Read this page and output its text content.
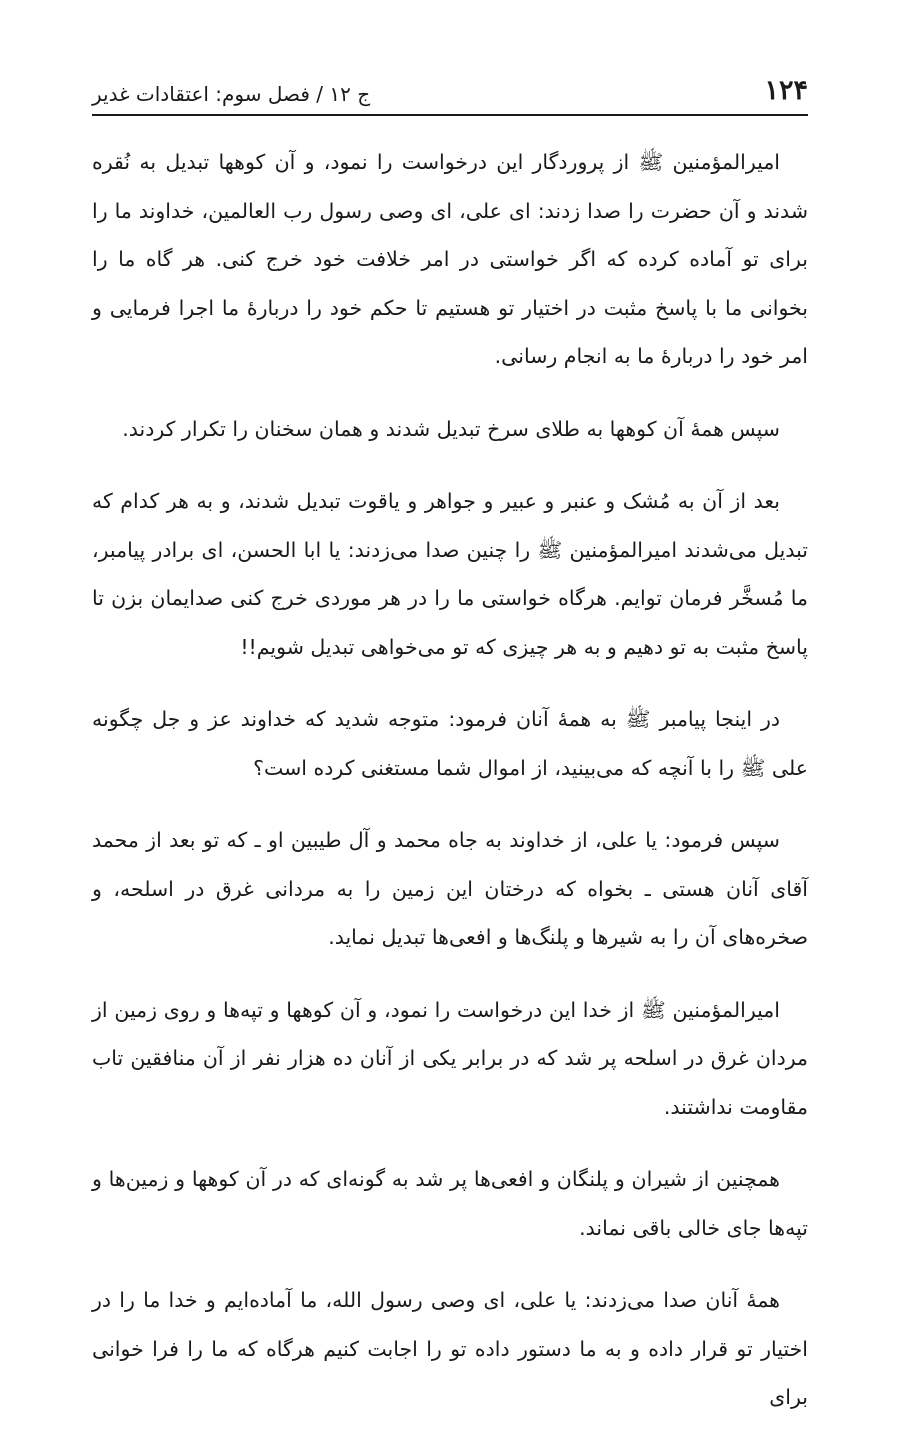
۱۲۴
ج ۱۲ / فصل سوم: اعتقادات غدیر

امیرالمؤمنین ﷺ از پروردگار این درخواست را نمود، و آن کوهها تبدیل به نُقره شدند و آن حضرت را صدا زدند: ای علی، ای وصی رسول رب العالمین، خداوند ما را برای تو آماده کرده که اگر خواستی در امر خلافت خود خرج کنی. هر گاه ما را بخوانی ما با پاسخ مثبت در اختیار تو هستیم تا حکم خود را دربارهٔ ما اجرا فرمایی و امر خود را دربارهٔ ما به انجام رسانی.

سپس همهٔ آن کوهها به طلای سرخ تبدیل شدند و همان سخنان را تکرار کردند.

بعد از آن به مُشک و عنبر و عبیر و جواهر و یاقوت تبدیل شدند، و به هر کدام که تبدیل می‌شدند امیرالمؤمنین ﷺ را چنین صدا می‌زدند: یا ابا الحسن، ای برادر پیامبر، ما مُسخَّر فرمان توایم. هرگاه خواستی ما را در هر موردی خرج کنی صدایمان بزن تا پاسخ مثبت به تو دهیم و به هر چیزی که تو می‌خواهی تبدیل شویم!!

در اینجا پیامبر ﷺ به همهٔ آنان فرمود: متوجه شدید که خداوند عز و جل چگونه علی ﷺ را با آنچه که می‌بینید، از اموال شما مستغنی کرده است؟

سپس فرمود: یا علی، از خداوند به جاه محمد و آل طیبین او ـ که تو بعد از محمد آقای آنان هستی ـ بخواه که درختان این زمین را به مردانی غرق در اسلحه، و صخره‌های آن را به شیرها و پلنگ‌ها و افعی‌ها تبدیل نماید.

امیرالمؤمنین ﷺ از خدا این درخواست را نمود، و آن کوهها و تپه‌ها و روی زمین از مردان غرق در اسلحه پر شد که در برابر یکی از آنان ده هزار نفر از آن منافقین تاب مقاومت نداشتند.

همچنین از شیران و پلنگان و افعی‌ها پر شد به گونه‌ای که در آن کوهها و زمین‌ها و تپه‌ها جای خالی باقی نماند.

همهٔ آنان صدا می‌زدند: یا علی، ای وصی رسول الله، ما آماده‌ایم و خدا ما را در اختیار تو قرار داده و به ما دستور داده تو را اجابت کنیم هرگاه که ما را فرا خوانی برای
